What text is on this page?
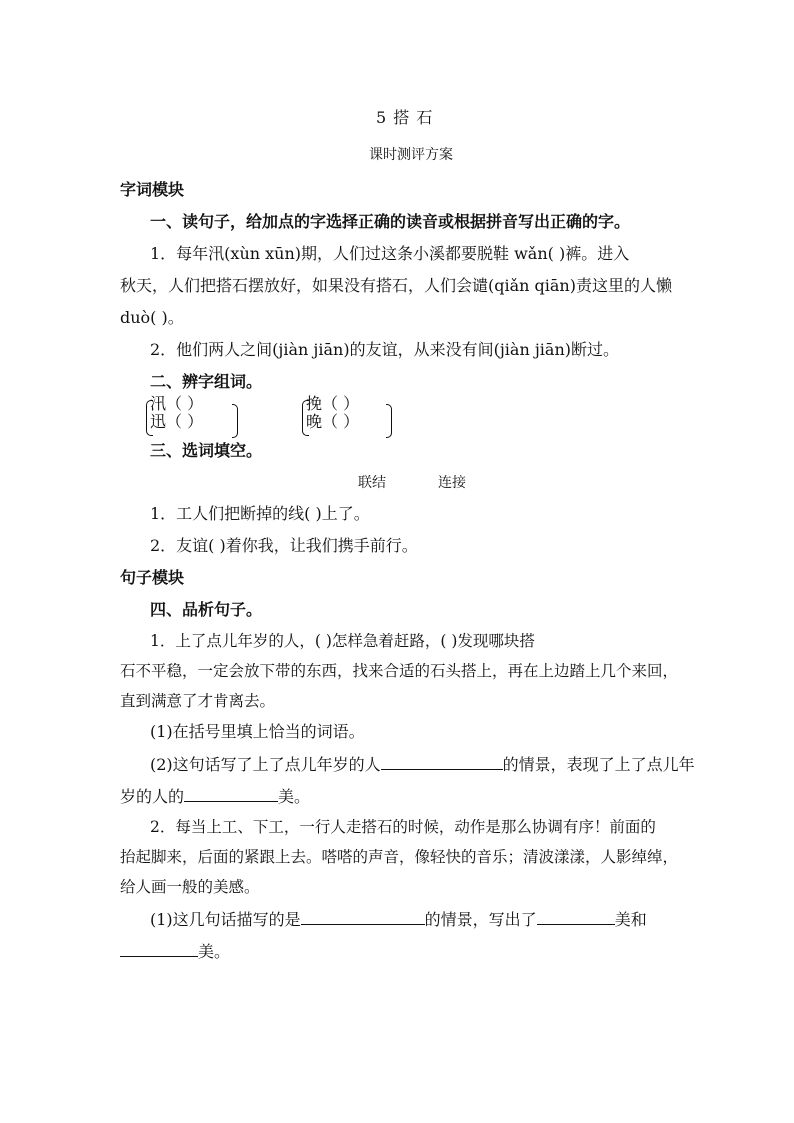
5 搭 石
课时测评方案
字词模块
一、读句子，给加点的字选择正确的读音或根据拼音写出正确的字。
1．每年汛(xùn xūn)期，人们过这条小溪都要脱鞋 wǎn( )裤。进入
秋天，人们把搭石摆放好，如果没有搭石，人们会谴(qiǎn qiān)责这里的人懒
duò( )。
2．他们两人之间(jiàn jiān)的友谊，从来没有间(jiàn jiān)断过。
二、辨字组词。
汛（ ）
迅（ ）
挽（ ）
晚（ ）
三、选词填空。
联结	连接
1．工人们把断掉的线( )上了。
2．友谊( )着你我，让我们携手前行。
句子模块
四、品析句子。
1．上了点儿年岁的人，( )怎样急着赶路，( )发现哪块搭
石不平稳，一定会放下带的东西，找来合适的石头搭上，再在上边踏上几个来回，
直到满意了才肯离去。
(1)在括号里填上恰当的词语。
(2)这句话写了上了点儿年岁的人	的情景，表现了上了点儿年
岁的人的	美。
2．每当上工、下工，一行人走搭石的时候，动作是那么协调有序！前面的
抬起脚来，后面的紧跟上去。嗒嗒的声音，像轻快的音乐；清波漾漾，人影绰绰，
给人画一般的美感。
(1)这几句话描写的是	的情景，写出了	美和
美。
